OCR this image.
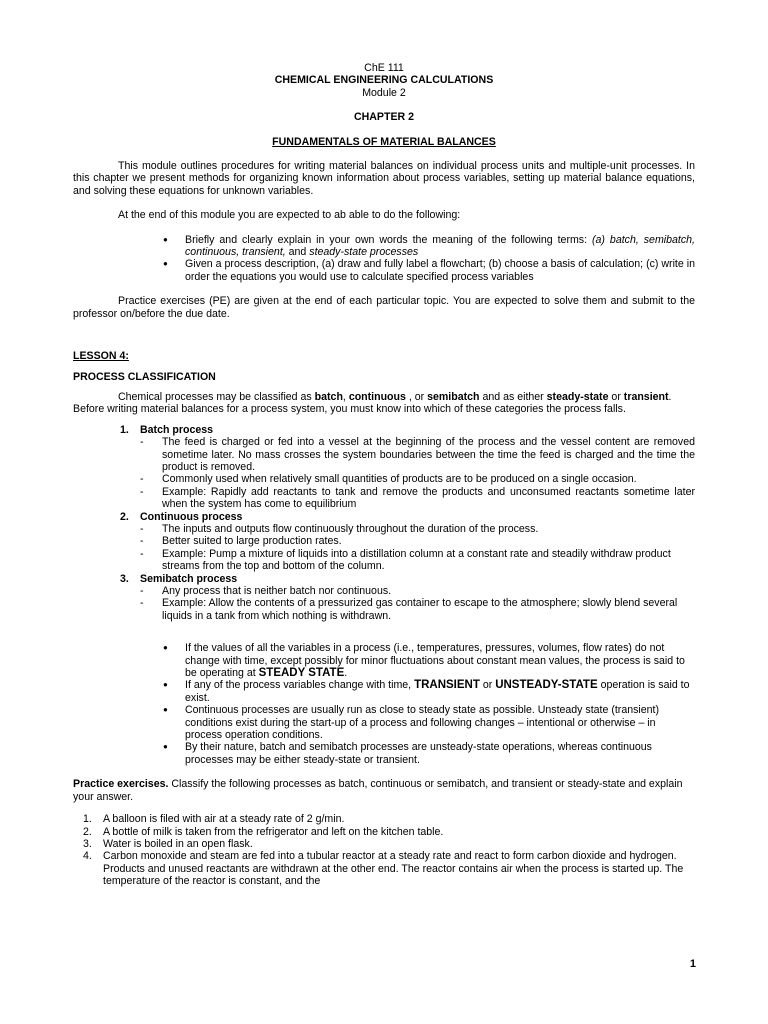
ChE 111
CHEMICAL ENGINEERING CALCULATIONS
Module 2
CHAPTER 2
FUNDAMENTALS OF MATERIAL BALANCES

This module outlines procedures for writing material balances on individual process units and multiple-unit processes. In this chapter we present methods for organizing known information about process variables, setting up material balance equations, and solving these equations for unknown variables.

At the end of this module you are expected to ab able to do the following:

● Briefly and clearly explain in your own words the meaning of the following terms: (a) batch, semibatch, continuous, transient, and steady-state processes
● Given a process description, (a) draw and fully label a flowchart; (b) choose a basis of calculation; (c) write in order the equations you would use to calculate specified process variables

Practice exercises (PE) are given at the end of each particular topic. You are expected to solve them and submit to the professor on/before the due date.

LESSON 4:
PROCESS CLASSIFICATION

Chemical processes may be classified as batch, continuous , or semibatch and as either steady-state or transient. Before writing material balances for a process system, you must know into which of these categories the process falls.

1. Batch process
- The feed is charged or fed into a vessel at the beginning of the process and the vessel content are removed sometime later. No mass crosses the system boundaries between the time the feed is charged and the time the product is removed.
- Commonly used when relatively small quantities of products are to be produced on a single occasion.
- Example: Rapidly add reactants to tank and remove the products and unconsumed reactants sometime later when the system has come to equilibrium
2. Continuous process
- The inputs and outputs flow continuously throughout the duration of the process.
- Better suited to large production rates.
- Example: Pump a mixture of liquids into a distillation column at a constant rate and steadily withdraw product streams from the top and bottom of the column.
3. Semibatch process
- Any process that is neither batch nor continuous.
- Example: Allow the contents of a pressurized gas container to escape to the atmosphere; slowly blend several liquids in a tank from which nothing is withdrawn.
● If the values of all the variables in a process (i.e., temperatures, pressures, volumes, flow rates) do not change with time, except possibly for minor fluctuations about constant mean values, the process is said to be operating at STEADY STATE.
● If any of the process variables change with time, TRANSIENT or UNSTEADY-STATE operation is said to exist.
● Continuous processes are usually run as close to steady state as possible. Unsteady state (transient) conditions exist during the start-up of a process and following changes – intentional or otherwise – in process operation conditions.
● By their nature, batch and semibatch processes are unsteady-state operations, whereas continuous processes may be either steady-state or transient.

Practice exercises. Classify the following processes as batch, continuous or semibatch, and transient or steady-state and explain your answer.

1. A balloon is filed with air at a steady rate of 2 g/min.
2. A bottle of milk is taken from the refrigerator and left on the kitchen table.
3. Water is boiled in an open flask.
4. Carbon monoxide and steam are fed into a tubular reactor at a steady rate and react to form carbon dioxide and hydrogen. Products and unused reactants are withdrawn at the other end. The reactor contains air when the process is started up. The temperature of the reactor is constant, and the
1
